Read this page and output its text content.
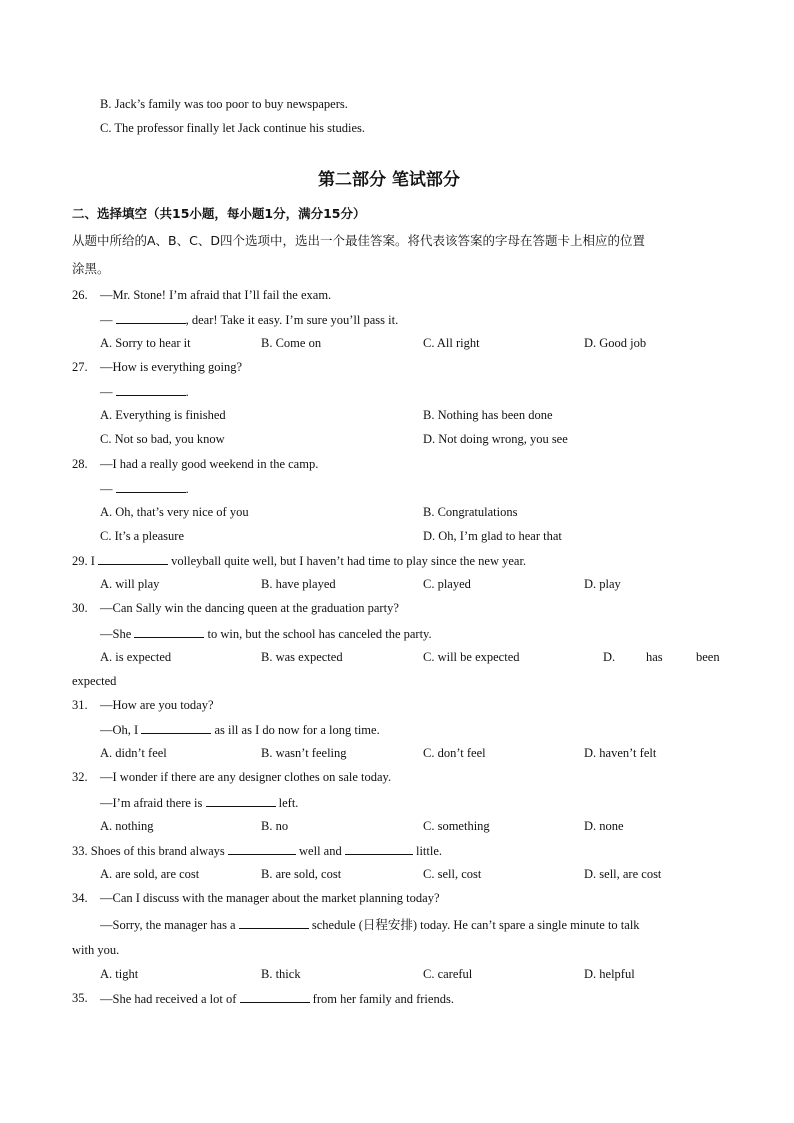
B. Jack’s family was too poor to buy newspapers.
C. The professor finally let Jack continue his studies.
第二部分 笔试部分
二、选择填空（共15小题，每小题1分，满分15分）
从题中所给的A、B、C、D四个选项中，选出一个最佳答案。将代表该答案的字母在答题卡上相应的位置
涂黑。
26. —Mr. Stone! I’m afraid that I’ll fail the exam.
—	, dear! Take it easy. I’m sure you’ll pass it.
A. Sorry to hear it	B. Come on	C. All right	D. Good job
27. —How is everything going?
—	.
A. Everything is finished	B. Nothing has been done
C. Not so bad, you know	D. Not doing wrong, you see
28. —I had a really good weekend in the camp.
—	.
A. Oh, that’s very nice of you	B. Congratulations
C. It’s a pleasure	D. Oh, I’m glad to hear that
29. I	volleyball quite well, but I haven’t had time to play since the new year.
A. will play	B. have played	C. played	D. play
30. —Can Sally win the dancing queen at the graduation party?
—She	to win, but the school has canceled the party.
A. is expected	B. was expected	C. will be expected	D. has	been
expected
31. —How are you today?
—Oh, I	as ill as I do now for a long time.
A. didn’t feel	B. wasn’t feeling	C. don’t feel	D. haven’t felt
32. —I wonder if there are any designer clothes on sale today.
—I’m afraid there is	left.
A. nothing	B. no	C. something	D. none
33. Shoes of this brand always	well and	little.
A. are sold, are cost	B. are sold, cost	C. sell, cost	D. sell, are cost
34. —Can I discuss with the manager about the market planning today?
—Sorry, the manager has a	schedule (日程安排) today. He can’t spare a single minute to talk
with you.
A. tight	B. thick	C. careful	D. helpful
35. —She had received a lot of	from her family and friends.
